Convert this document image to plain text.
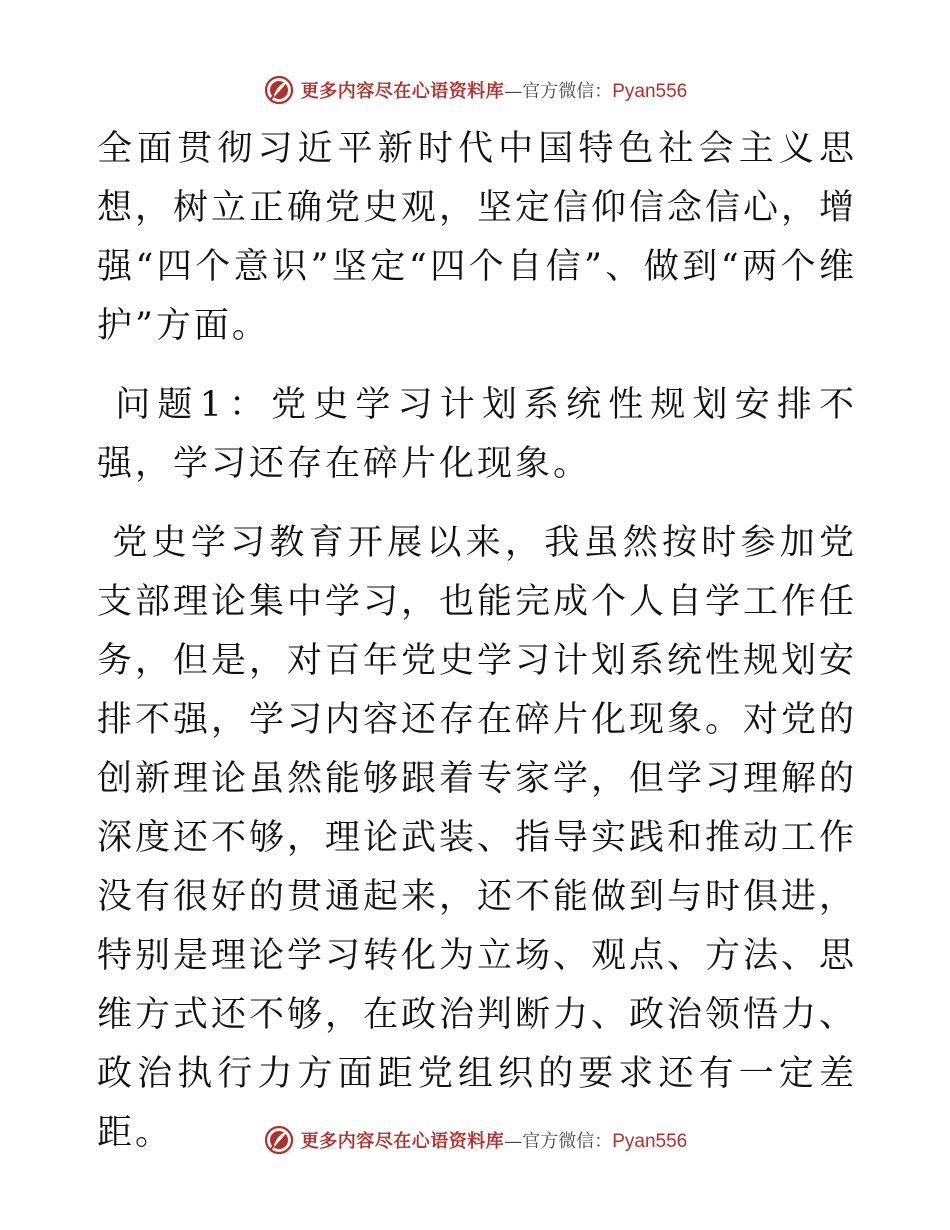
更多内容尽在心语资料库 —官方微信： Pyan556

全面贯彻习近平新时代中国特色社会主义思想，树立正确党史观，坚定信仰信念信心，增强“四个意识”坚定“四个自信”、做到“两个维护”方面。

问题1：党史学习计划系统性规划安排不强，学习还存在碎片化现象。

党史学习教育开展以来，我虽然按时参加党支部理论集中学习，也能完成个人自学工作任务，但是，对百年党史学习计划系统性规划安排不强，学习内容还存在碎片化现象。对党的创新理论虽然能够跟着专家学，但学习理解的深度还不够，理论武装、指导实践和推动工作没有很好的贯通起来，还不能做到与时俱进，特别是理论学习转化为立场、观点、方法、思维方式还不够，在政治判断力、政治领悟力、政治执行力方面距党组织的要求还有一定差距。	更多内容尽在心语资料库 —官方微信： Pyan556
